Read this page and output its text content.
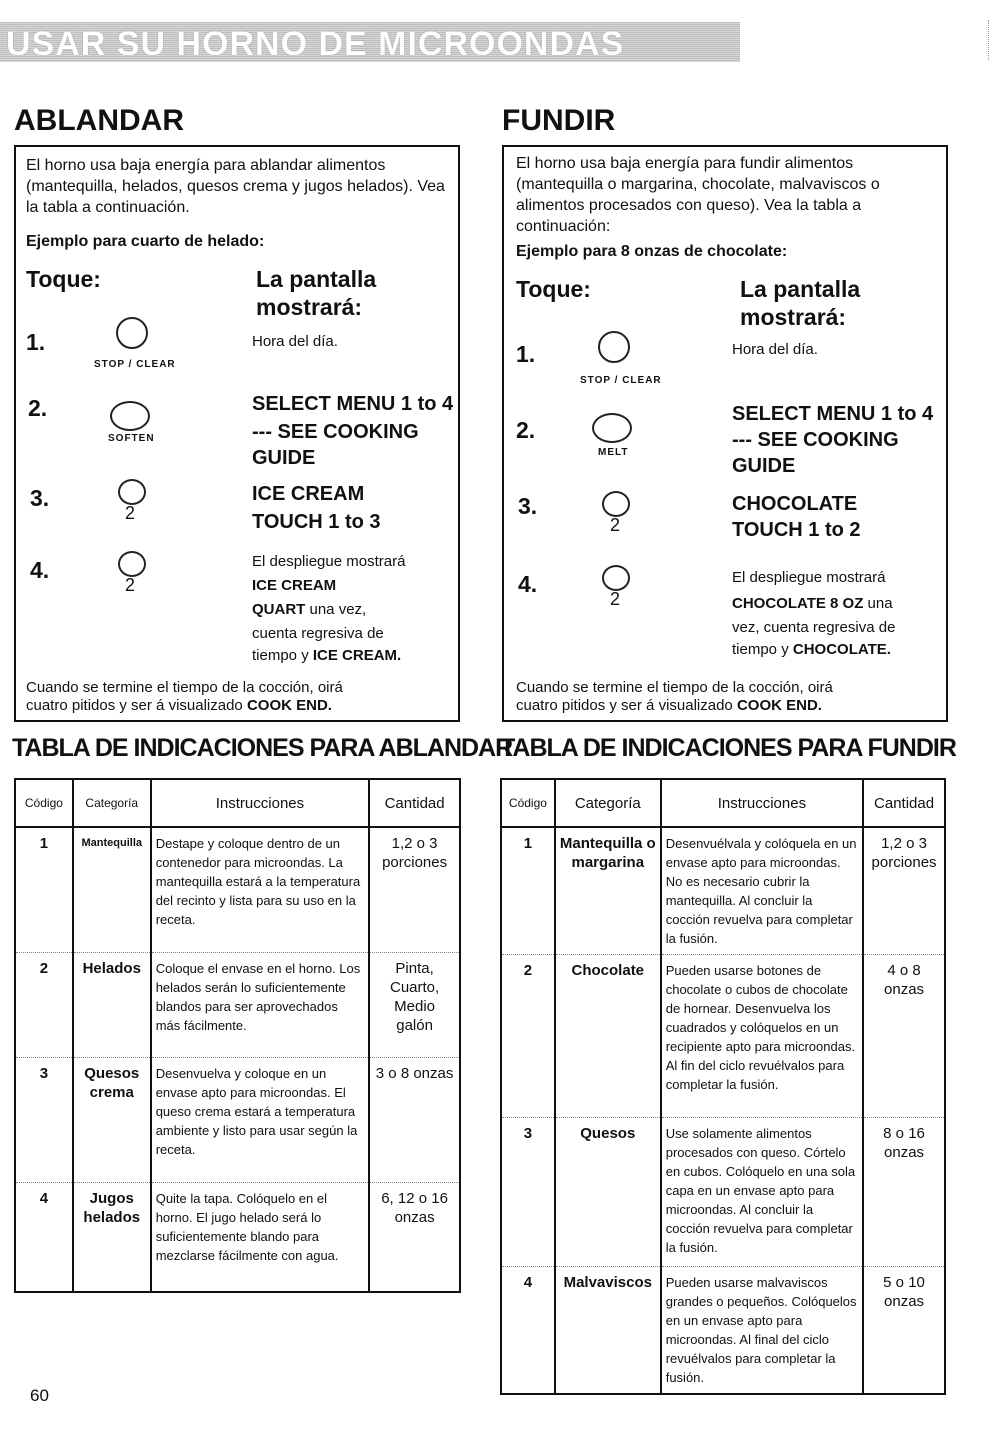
USAR SU HORNO DE MICROONDAS
ABLANDAR
El horno usa baja energía para ablandar alimentos (mantequilla, helados, quesos crema y jugos helados). Vea la tabla a continuación.
Ejemplo para cuarto de helado:
Toque:	La pantalla
mostrará:
1.
STOP / CLEAR
Hora del día.
2.
SOFTEN
SELECT MENU 1 to 4
--- SEE COOKING
GUIDE
3.
2
ICE CREAM
TOUCH 1 to 3
4.
2
El despliegue mostrará
ICE CREAM
QUART una vez,
cuenta regresiva de
tiempo y ICE CREAM.
Cuando se termine el tiempo de la cocción, oirá
cuatro pitidos y ser á visualizado COOK END.
FUNDIR
El horno usa baja energía para fundir alimentos (mantequilla o margarina, chocolate, malvaviscos o alimentos procesados con queso). Vea la tabla a continuación:
Ejemplo para 8 onzas de chocolate:
Toque:	La pantalla
mostrará:
1.
STOP / CLEAR
Hora del día.
2.
MELT
SELECT MENU 1 to 4
--- SEE COOKING
GUIDE
3.
2
CHOCOLATE
TOUCH 1 to 2
4.
2
El despliegue mostrará
CHOCOLATE 8 OZ una
vez, cuenta regresiva de
tiempo y CHOCOLATE.
Cuando se termine el tiempo de la cocción, oirá
cuatro pitidos y ser á visualizado COOK END.
TABLA DE INDICACIONES PARA ABLANDAR
TABLA DE INDICACIONES PARA FUNDIR
Código	Categoría	Instrucciones	Cantidad
1	Mantequilla	Destape y coloque dentro de un contenedor para microondas. La mantequilla estará a la temperatura del recinto y lista para su uso en la receta.	1,2 o 3 porciones
2	Helados	Coloque el envase en el horno. Los helados serán lo suficientemente blandos para ser aprovechados más fácilmente.	Pinta, Cuarto, Medio galón
3	Quesos crema	Desenvuelva y coloque en un envase apto para microondas. El queso crema estará a temperatura ambiente y listo para usar según la receta.	3 o 8 onzas
4	Jugos helados	Quite la tapa. Colóquelo en el horno. El jugo helado será lo suficientemente blando para mezclarse fácilmente con agua.	6, 12 o 16 onzas
Código	Categoría	Instrucciones	Cantidad
1	Mantequilla o margarina	Desenvuélvala y colóquela en un envase apto para microondas. No es necesario cubrir la mantequilla. Al concluir la cocción revuelva para completar la fusión.	1,2 o 3 porciones
2	Chocolate	Pueden usarse botones de chocolate o cubos de chocolate de hornear. Desenvuelva los cuadrados y colóquelos en un recipiente apto para microondas. Al fin del ciclo revuélvalos para completar la fusión.	4 o 8 onzas
3	Quesos	Use solamente alimentos procesados con queso. Córtelo en cubos. Colóquelo en una sola capa en un envase apto para microondas. Al concluir la cocción revuelva para completar la fusión.	8 o 16 onzas
4	Malvaviscos	Pueden usarse malvaviscos grandes o pequeños. Colóquelos en un envase apto para microondas. Al final del ciclo revuélvalos para completar la fusión.	5 o 10 onzas
60
